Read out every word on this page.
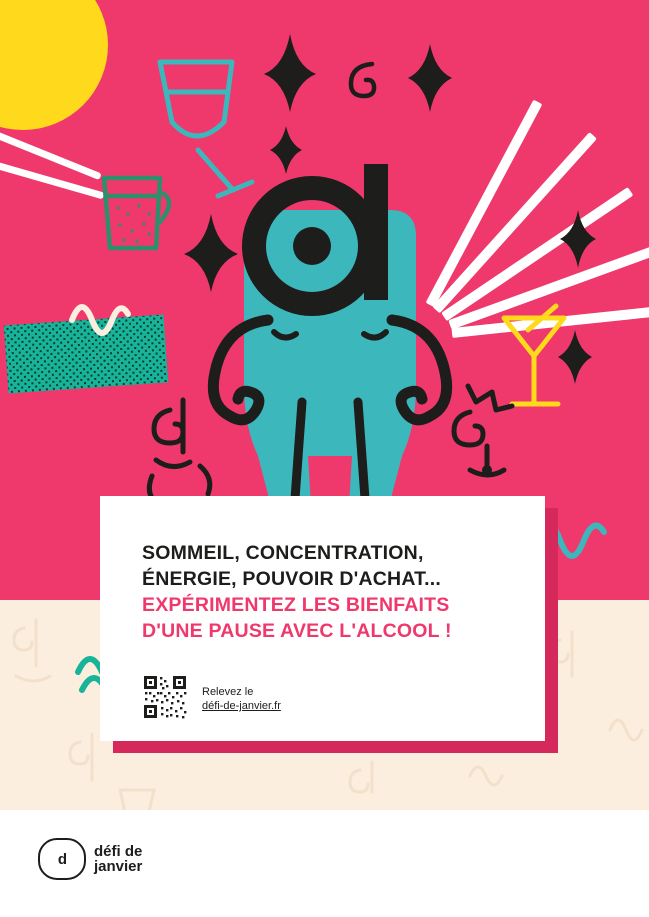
SOMMEIL, CONCENTRATION,

ÉNERGIE, POUVOIR D'ACHAT...

EXPÉRIMENTEZ LES BIENFAITS

D'UNE PAUSE AVEC L'ALCOOL !

Relevez le
défi-de-janvier.fr
d	défi de
janvier
